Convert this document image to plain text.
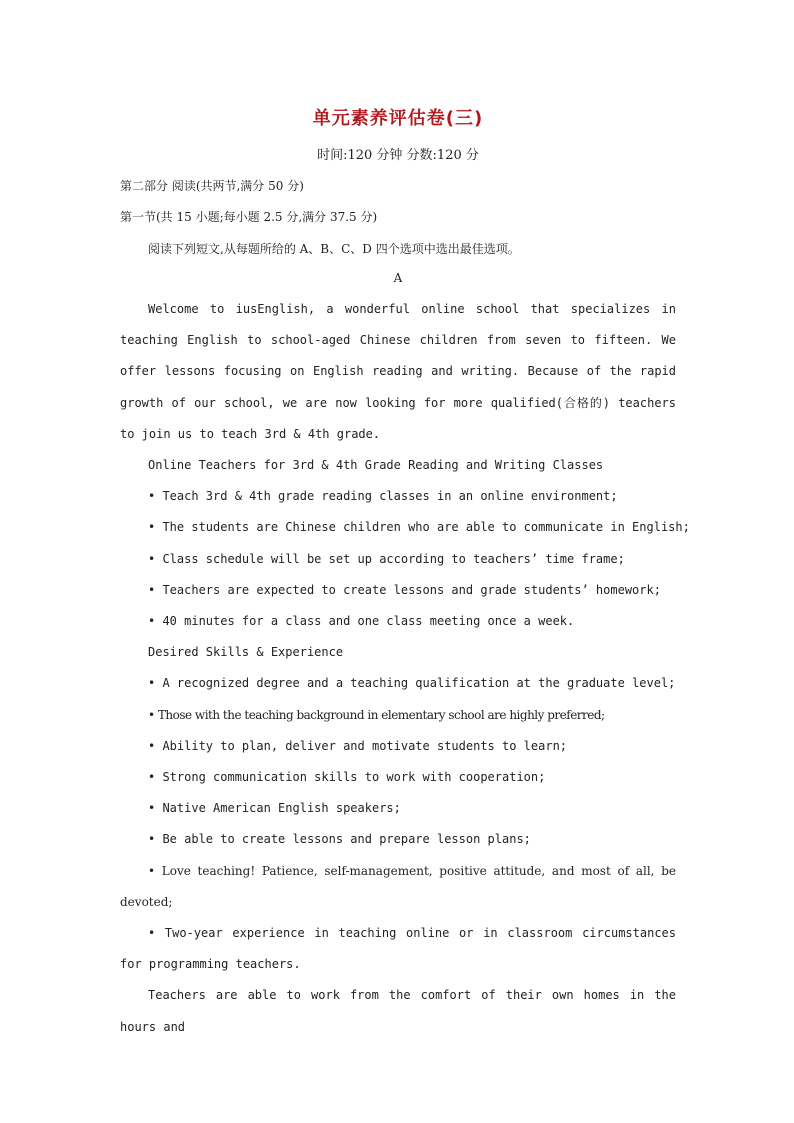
单元素养评估卷(三)
时间:120 分钟 分数:120 分
第二部分 阅读(共两节,满分 50 分)
第一节(共 15 小题;每小题 2.5 分,满分 37.5 分)
阅读下列短文,从每题所给的 A、B、C、D 四个选项中选出最佳选项。
A
Welcome to iusEnglish, a wonderful online school that specializes in teaching English to school-aged Chinese children from seven to fifteen. We offer lessons focusing on English reading and writing. Because of the rapid growth of our school, we are now looking for more qualified(合格的) teachers to join us to teach 3rd & 4th grade.
Online Teachers for 3rd & 4th Grade Reading and Writing Classes
• Teach 3rd & 4th grade reading classes in an online environment;
• The students are Chinese children who are able to communicate in English;
• Class schedule will be set up according to teachers’ time frame;
• Teachers are expected to create lessons and grade students’ homework;
• 40 minutes for a class and one class meeting once a week.
Desired Skills & Experience
• A recognized degree and a teaching qualification at the graduate level;
• Those with the teaching background in elementary school are highly preferred;
• Ability to plan, deliver and motivate students to learn;
• Strong communication skills to work with cooperation;
• Native American English speakers;
• Be able to create lessons and prepare lesson plans;
• Love teaching! Patience, self-management, positive attitude, and most of all, be devoted;
• Two-year experience in teaching online or in classroom circumstances for programming teachers.
Teachers are able to work from the comfort of their own homes in the hours and
